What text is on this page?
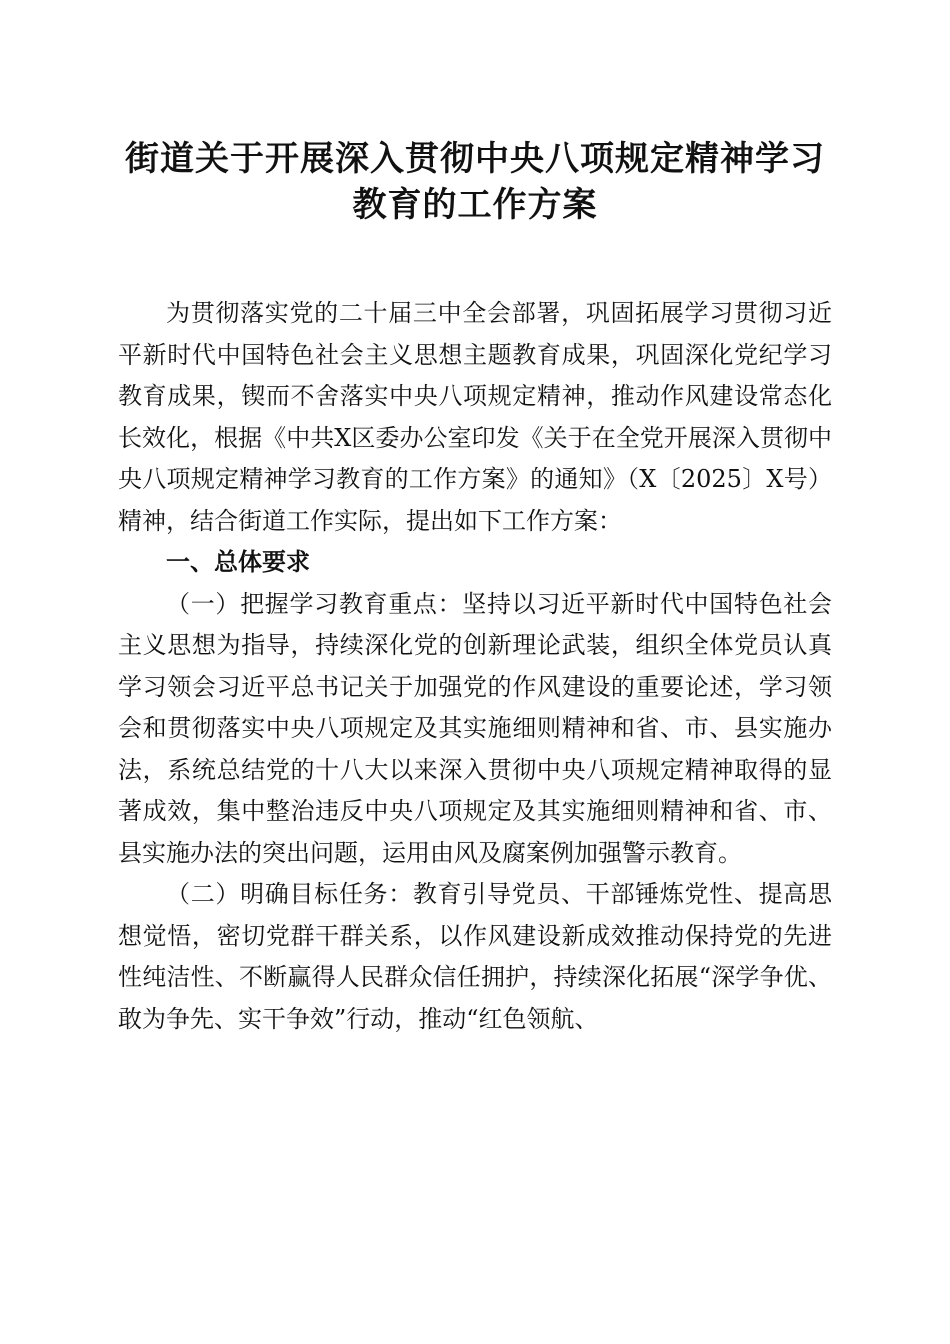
街道关于开展深入贯彻中央八项规定精神学习
教育的工作方案

为贯彻落实党的二十届三中全会部署，巩固拓展学习贯彻习近平新时代中国特色社会主义思想主题教育成果，巩固深化党纪学习教育成果，锲而不舍落实中央八项规定精神，推动作风建设常态化长效化，根据《中共X区委办公室印发《关于在全党开展深入贯彻中央八项规定精神学习教育的工作方案》的通知》（X〔2025〕X号）精神，结合街道工作实际，提出如下工作方案：

一、总体要求

（一）把握学习教育重点：坚持以习近平新时代中国特色社会主义思想为指导，持续深化党的创新理论武装，组织全体党员认真学习领会习近平总书记关于加强党的作风建设的重要论述，学习领会和贯彻落实中央八项规定及其实施细则精神和省、市、县实施办法，系统总结党的十八大以来深入贯彻中央八项规定精神取得的显著成效，集中整治违反中央八项规定及其实施细则精神和省、市、县实施办法的突出问题，运用由风及腐案例加强警示教育。

（二）明确目标任务：教育引导党员、干部锤炼党性、提高思想觉悟，密切党群干群关系，以作风建设新成效推动保持党的先进性纯洁性、不断赢得人民群众信任拥护，持续深化拓展“深学争优、敢为争先、实干争效”行动，推动“红色领航、
